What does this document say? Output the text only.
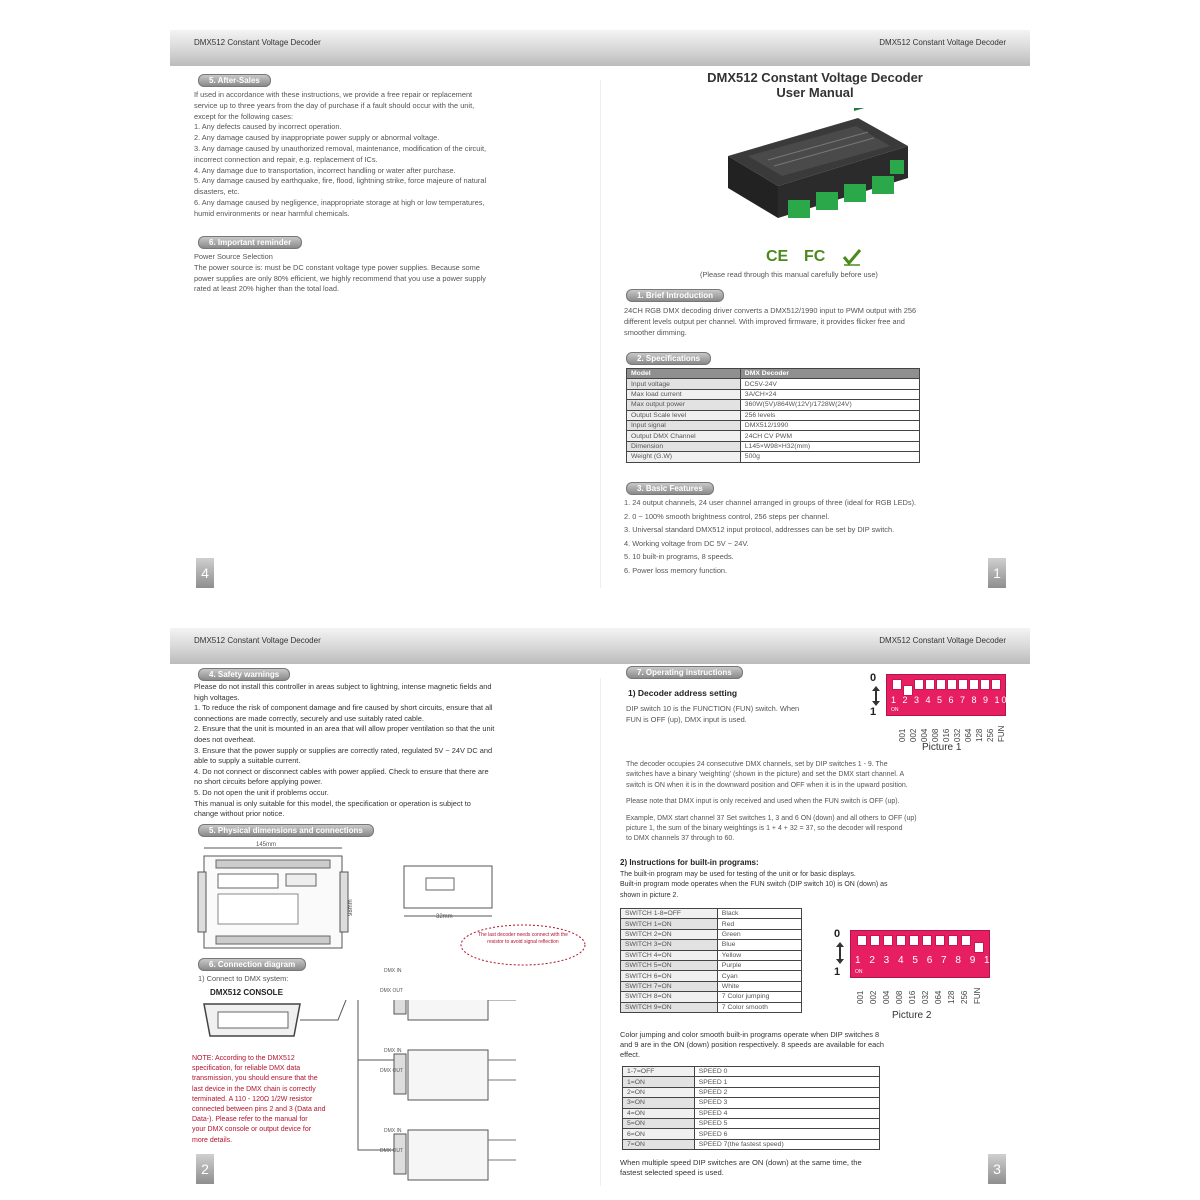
DMX512 Constant Voltage Decoder	DMX512 Constant Voltage Decoder
5. After-Sales
If used in accordance with these instructions, we provide a free repair or replacement
service up to three years from the day of purchase if a fault should occur with the unit,
except for the following cases:
1. Any defects caused by incorrect operation.
2. Any damage caused by inappropriate power supply or abnormal voltage.
3. Any damage caused by unauthorized removal, maintenance, modification of the circuit,
incorrect connection and repair, e.g. replacement of ICs.
4. Any damage due to transportation, incorrect handling or water after purchase.
5. Any damage caused by earthquake, fire, flood, lightning strike, force majeure of natural
disasters, etc.
6. Any damage caused by negligence, inappropriate storage at high or low temperatures,
humid environments or near harmful chemicals.
6. Important reminder
Power Source Selection
The power source is: must be DC constant voltage type power supplies. Because some
power supplies are only 80% efficient, we highly recommend that you use a power supply
rated at least 20% higher than the total load.
4
DMX512 Constant Voltage Decoder
User Manual
CE FC
(Please read through this manual carefully before use)
1. Brief Introduction
24CH RGB DMX decoding driver converts a DMX512/1990 input to PWM output with 256
different levels output per channel. With improved firmware, it provides flicker free and
smoother dimming.
2. Specifications
Model	DMX Decoder
Input voltage	DC5V-24V
Max load current	3A/CH×24
Max output power	360W(5V)/864W(12V)/1728W(24V)
Output Scale level	256 levels
Input signal	DMX512/1990
Output DMX Channel	24CH CV PWM
Dimension	L145×W98×H32(mm)
Weight (G.W)	500g
3. Basic Features
1. 24 output channels, 24 user channel arranged in groups of three (ideal for RGB LEDs).
2. 0 ~ 100% smooth brightness control, 256 steps per channel.
3. Universal standard DMX512 input protocol, addresses can be set by DIP switch.
4. Working voltage from DC 5V ~ 24V.
5. 10 built-in programs, 8 speeds.
6. Power loss memory function.	1
DMX512 Constant Voltage Decoder	DMX512 Constant Voltage Decoder
4. Safety warnings
Please do not install this controller in areas subject to lightning, intense magnetic fields and
high voltages.
1. To reduce the risk of component damage and fire caused by short circuits, ensure that all
connections are made correctly, securely and use suitably rated cable.
2. Ensure that the unit is mounted in an area that will allow proper ventilation so that the unit
does not overheat.
3. Ensure that the power supply or supplies are correctly rated, regulated 5V ~ 24V DC and
able to supply a suitable current.
4. Do not connect or disconnect cables with power applied. Check to ensure that there are
no short circuits before applying power.
5. Do not open the unit if problems occur.
This manual is only suitable for this model, the specification or operation is subject to
change without prior notice.
5. Physical dimensions and connections
145mm
98mm
32mm
The last decoder needs connect with the resistor to avoid signal reflection
6. Connection diagram
1) Connect to DMX system:
DMX512 CONSOLE
DMX IN
DMX OUT
DMX IN
DMX OUT
DMX IN
DMX OUT
NOTE: According to the DMX512
specification, for reliable DMX data
transmission, you should ensure that the
last device in the DMX chain is correctly
terminated. A 110 - 120Ω 1/2W resistor
connected between pins 2 and 3 (Data and
Data-). Please refer to the manual for
your DMX console or output device for
more details.
2
7. Operating instructions
1) Decoder address setting
DIP switch 10 is the FUNCTION (FUN) switch. When
FUN is OFF (up), DMX input is used.
0
1
1 2 3 4 5 6 7 8 9 10
ON
001 002 004 008 016 032 064 128 256 FUN
Picture 1
The decoder occupies 24 consecutive DMX channels, set by DIP switches 1 - 9. The
switches have a binary 'weighting' (shown in the picture) and set the DMX start channel. A
switch is ON when it is in the downward position and OFF when it is in the upward position.
Please note that DMX input is only received and used when the FUN switch is OFF (up).
Example, DMX start channel 37 Set switches 1, 3 and 6 ON (down) and all others to OFF (up)
picture 1, the sum of the binary weightings is 1 + 4 + 32 = 37, so the decoder will respond
to DMX channels 37 through to 60.
2) Instructions for built-in programs:
The built-in program may be used for testing of the unit or for basic displays.
Built-in program mode operates when the FUN switch (DIP switch 10) is ON (down) as
shown in picture 2.
SWITCH 1-8=OFF	Black
SWITCH 1=ON	Red
SWITCH 2=ON	Green
SWITCH 3=ON	Blue
SWITCH 4=ON	Yellow
SWITCH 5=ON	Purple
SWITCH 6=ON	Cyan
SWITCH 7=ON	White
SWITCH 8=ON	7 Color jumping
SWITCH 9=ON	7 Color smooth
0
1
1 2 3 4 5 6 7 8 9 10
ON
001 002 004 008 016 032 064 128 256 FUN
Picture 2
Color jumping and color smooth built-in programs operate when DIP switches 8
and 9 are in the ON (down) position respectively. 8 speeds are available for each
effect.
1-7=OFF	SPEED 0
1=ON	SPEED 1
2=ON	SPEED 2
3=ON	SPEED 3
4=ON	SPEED 4
5=ON	SPEED 5
6=ON	SPEED 6
7=ON	SPEED 7(the fastest speed)
When multiple speed DIP switches are ON (down) at the same time, the
fastest selected speed is used.	3
